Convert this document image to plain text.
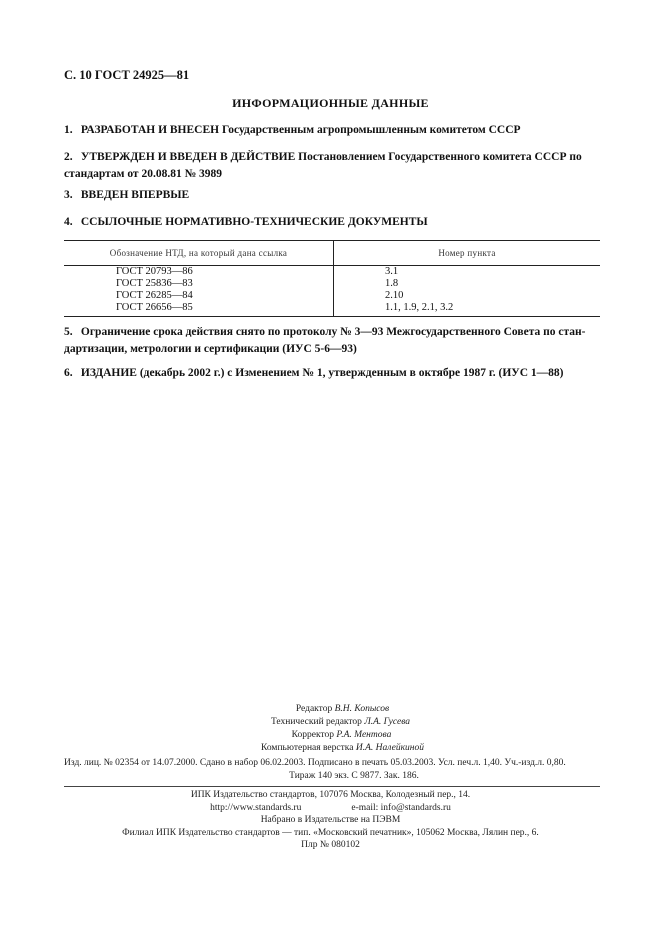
С. 10 ГОСТ 24925—81
ИНФОРМАЦИОННЫЕ ДАННЫЕ
1. РАЗРАБОТАН И ВНЕСЕН Государственным агропромышленным комитетом СССР
2. УТВЕРЖДЕН И ВВЕДЕН В ДЕЙСТВИЕ Постановлением Государственного комитета СССР по
стандартам от 20.08.81 № 3989
3. ВВЕДЕН ВПЕРВЫЕ
4. ССЫЛОЧНЫЕ НОРМАТИВНО-ТЕХНИЧЕСКИЕ ДОКУМЕНТЫ
Обозначение НТД, на который дана ссылка	Номер пункта
ГОСТ 20793—86	3.1
ГОСТ 25836—83	1.8
ГОСТ 26285—84	2.10
ГОСТ 26656—85	1.1, 1.9, 2.1, 3.2
5. Ограничение срока действия снято по протоколу № 3—93 Межгосударственного Совета по стан-
дартизации, метрологии и сертификации (ИУС 5-6—93)
6. ИЗДАНИЕ (декабрь 2002 г.) с Изменением № 1, утвержденным в октябре 1987 г. (ИУС 1—88)
Редактор В.Н. Копысов
Технический редактор Л.А. Гусева
Корректор Р.А. Ментова
Компьютерная верстка И.А. Налейкиной
Изд. лиц. № 02354 от 14.07.2000. Сдано в набор 06.02.2003. Подписано в печать 05.03.2003. Усл. печ.л. 1,40. Уч.-изд.л. 0,80.
Тираж 140 экз. С 9877. Зак. 186.
ИПК Издательство стандартов, 107076 Москва, Колодезный пер., 14.
http://www.standards.ru	e-mail: info@standards.ru
Набрано в Издательстве на ПЭВМ
Филиал ИПК Издательство стандартов — тип. «Московский печатник», 105062 Москва, Лялин пер., 6.
Плр № 080102
